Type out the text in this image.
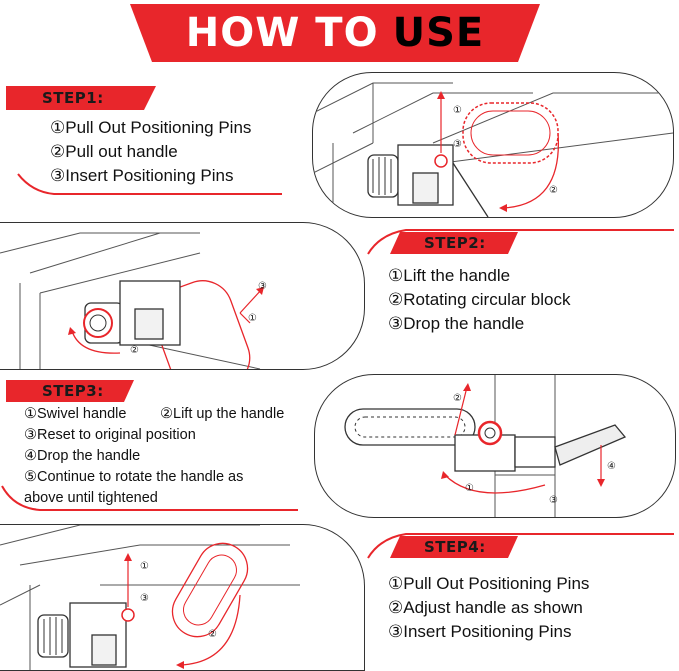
HOW TO USE
STEP1:
①Pull Out Positioning Pins
②Pull out handle
③Insert Positioning Pins
①
③
②
③
①
②
STEP2:
①Lift the handle
②Rotating circular block
③Drop the handle
STEP3:
①Swivel handle ②Lift up the handle
③Reset to original position
④Drop the handle
⑤Continue to rotate the handle as
above until tightened
②
①
③
④
①
③
②
STEP4:
①Pull Out Positioning Pins
②Adjust handle as shown
③Insert Positioning Pins
